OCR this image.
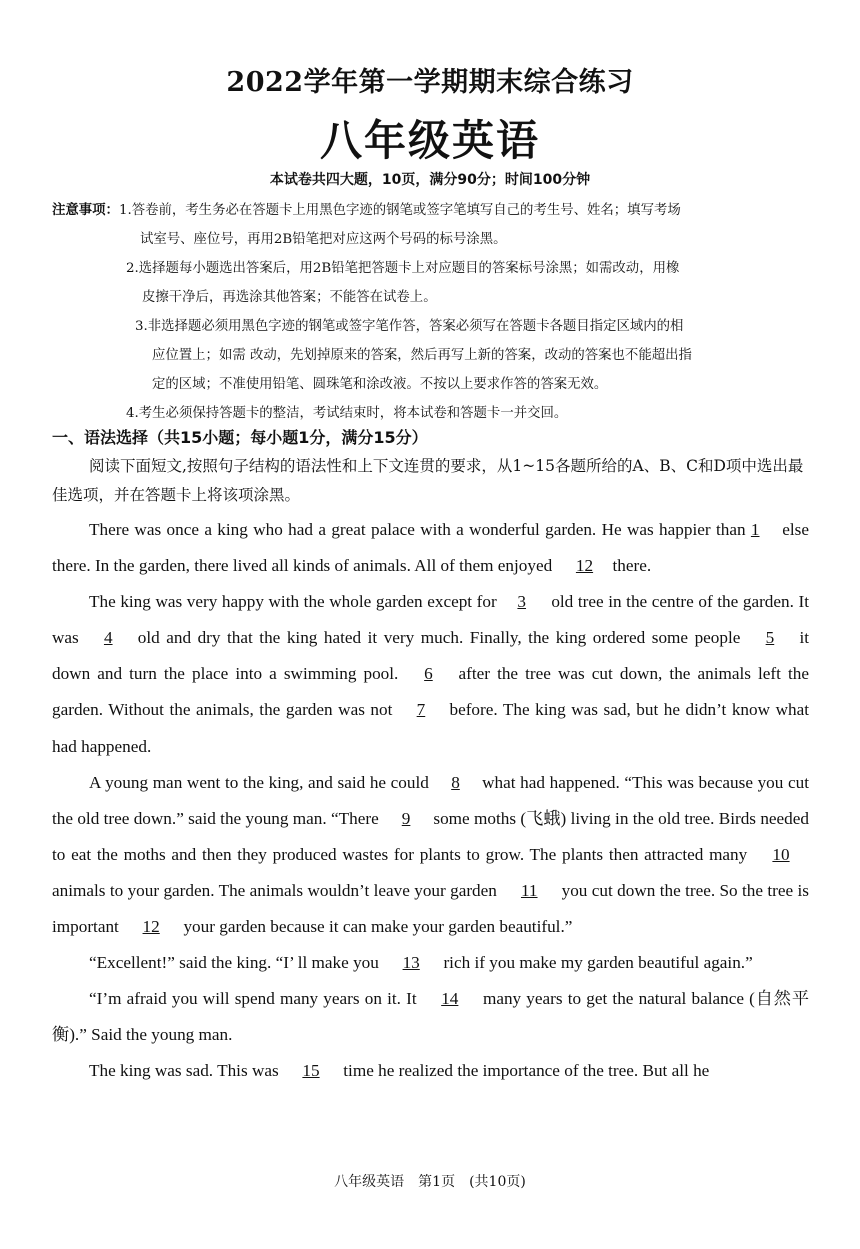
2022学年第一学期期末综合练习
八年级英语
本试卷共四大题，10页，满分90分；时间100分钟
注意事项：1.答卷前，考生务必在答题卡上用黑色字迹的钢笔或签字笔填写自己的考生号、姓名；填写考场
试室号、座位号，再用2B铅笔把对应这两个号码的标号涂黑。
2.选择题每小题选出答案后，用2B铅笔把答题卡上对应题目的答案标号涂黑；如需改动，用橡
皮擦干净后，再选涂其他答案；不能答在试卷上。
3.非选择题必须用黑色字迹的钢笔或签字笔作答，答案必须写在答题卡各题目指定区域内的相
应位置上；如需 改动，先划掉原来的答案，然后再写上新的答案，改动的答案也不能超出指
定的区域；不准使用铅笔、圆珠笔和涂改液。不按以上要求作答的答案无效。
4.考生必须保持答题卡的整洁，考试结束时，将本试卷和答题卡一并交回。
一、语法选择（共15小题；每小题1分，满分15分）
阅读下面短文,按照句子结构的语法性和上下文连贯的要求，从1~15各题所给的A、B、C和D项中选出最佳选项，并在答题卡上将该项涂黑。

There was once a king who had a great palace with a wonderful garden. He was happier than 1 else there. In the garden, there lived all kinds of animals. All of them enjoyed 12 there.

The king was very happy with the whole garden except for 3 old tree in the centre of the garden. It was 4 old and dry that the king hated it very much. Finally, the king ordered some people 5 it down and turn the place into a swimming pool. 6 after the tree was cut down, the animals left the garden. Without the animals, the garden was not 7 before. The king was sad, but he didn’t know what had happened.

A young man went to the king, and said he could 8 what had happened. “This was because you cut the old tree down.” said the young man. “There 9 some moths (飞蛾) living in the old tree. Birds needed to eat the moths and then they produced wastes for plants to grow. The plants then attracted many 10 animals to your garden. The animals wouldn’t leave your garden 11 you cut down the tree. So the tree is important 12 your garden because it can make your garden beautiful.”

“Excellent!” said the king. “I’ ll make you 13 rich if you make my garden beautiful again.”

“I’m afraid you will spend many years on it. It 14 many years to get the natural balance (自然平衡).” Said the young man.

The king was sad. This was 15 time he realized the importance of the tree. But all he

八年级英语　第1页　(共10页)
